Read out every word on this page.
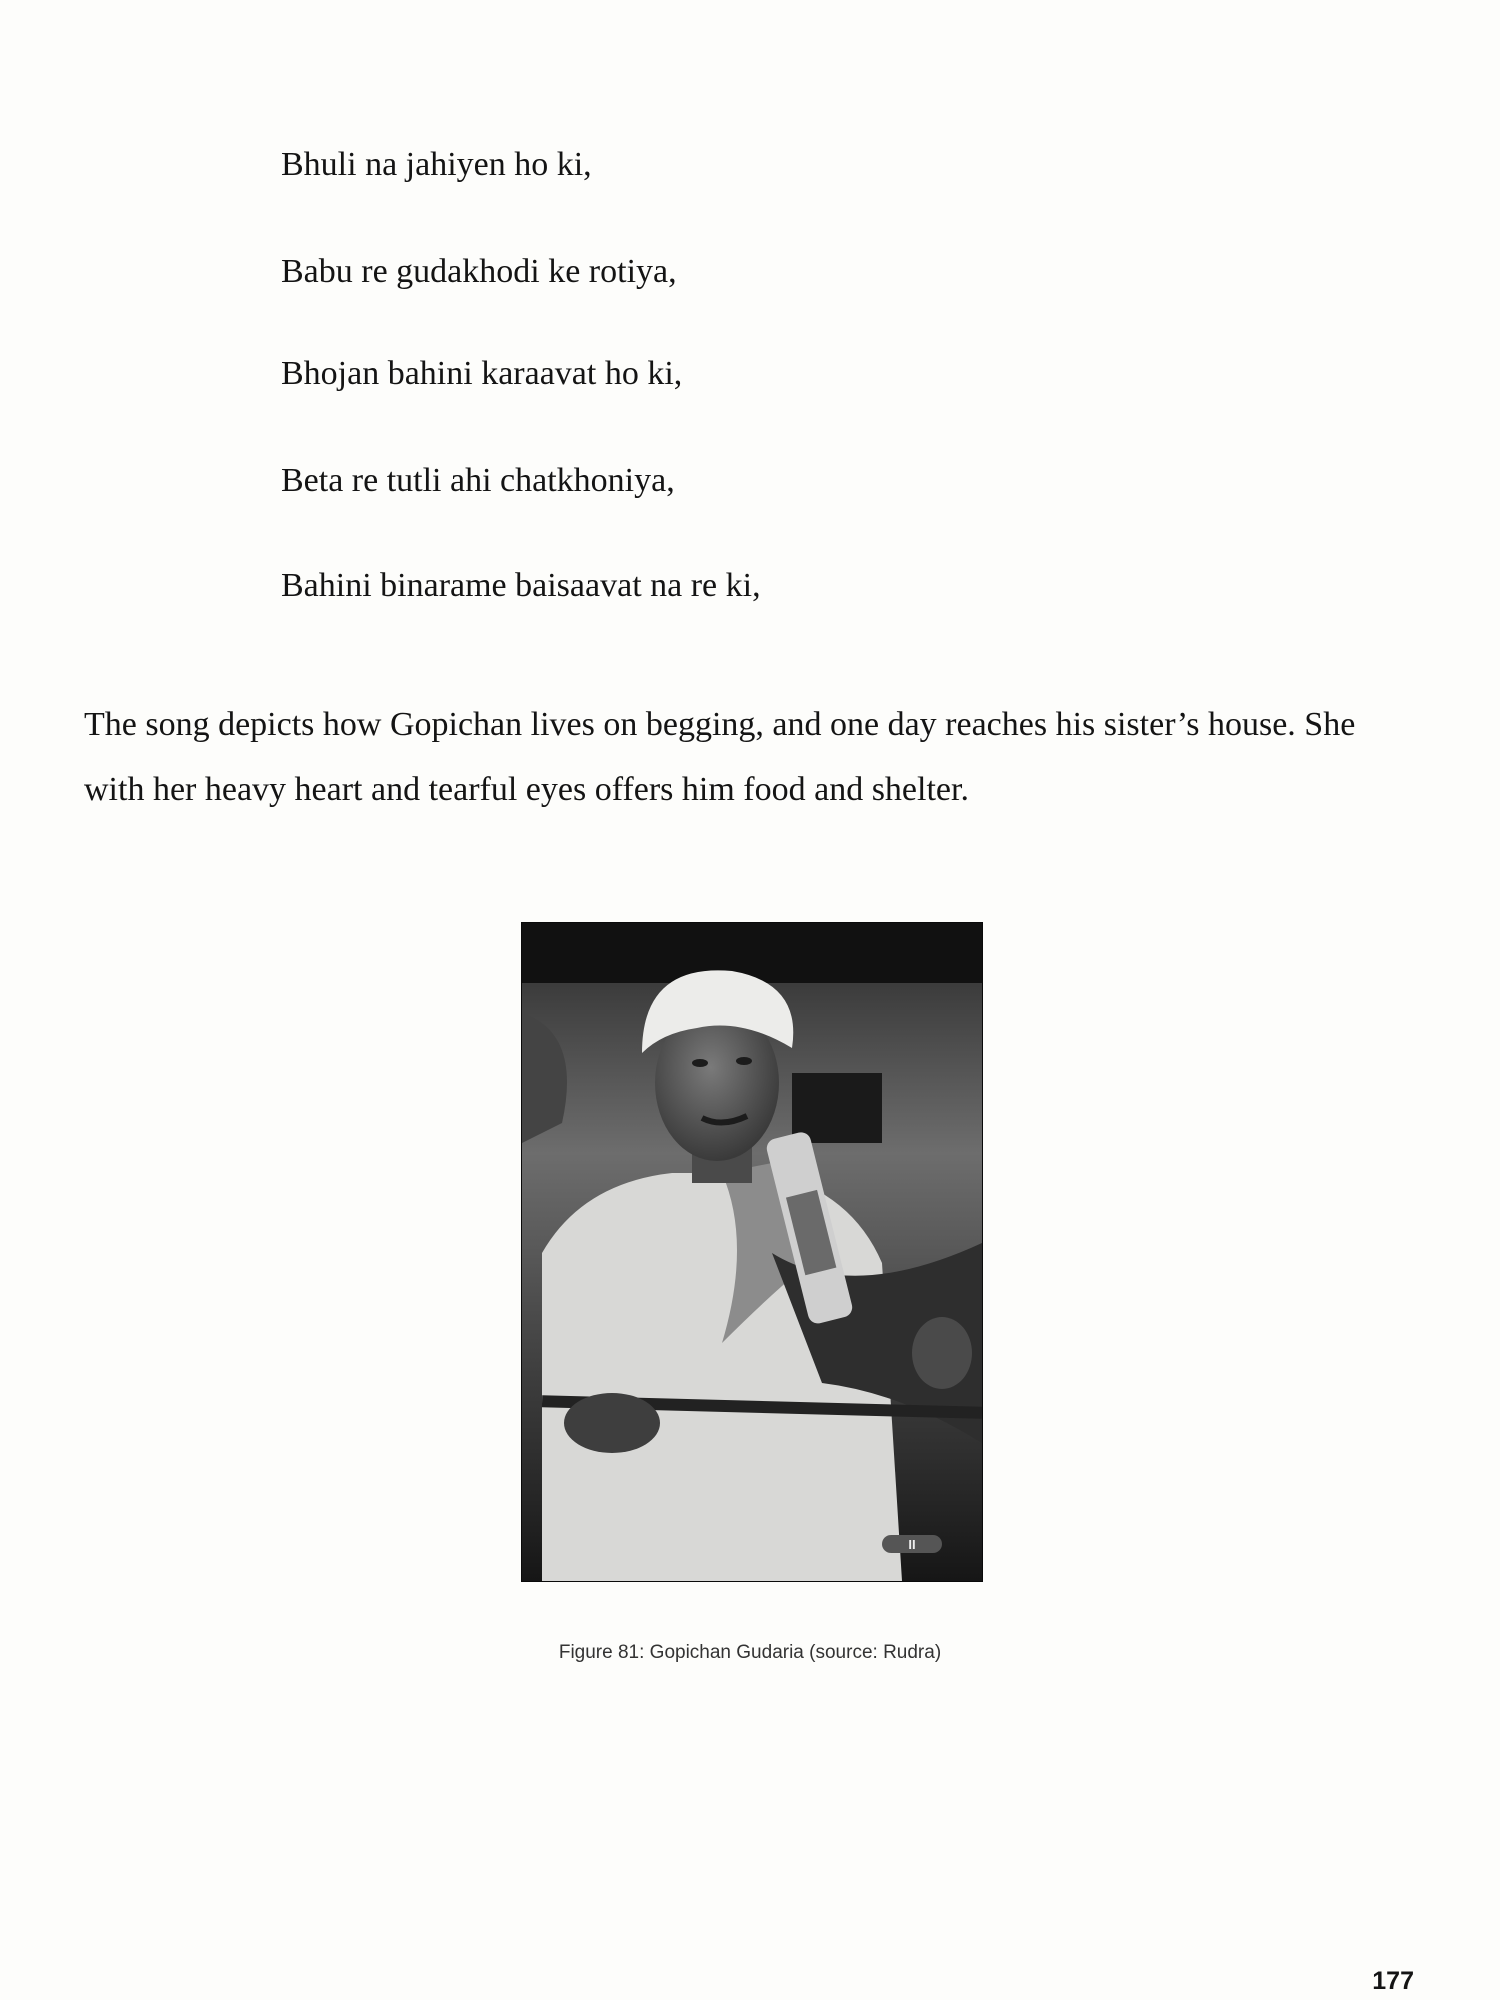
Bhuli na jahiyen ho ki,
Babu re gudakhodi ke rotiya,
Bhojan bahini karaavat ho ki,
Beta re tutli ahi chatkhoniya,
Bahini binarame baisaavat na re ki,

The song depicts how Gopichan lives on begging, and one day reaches his sister’s house. She with her heavy heart and tearful eyes offers him food and shelter.

II
Figure 81: Gopichan Gudaria (source: Rudra)
177
